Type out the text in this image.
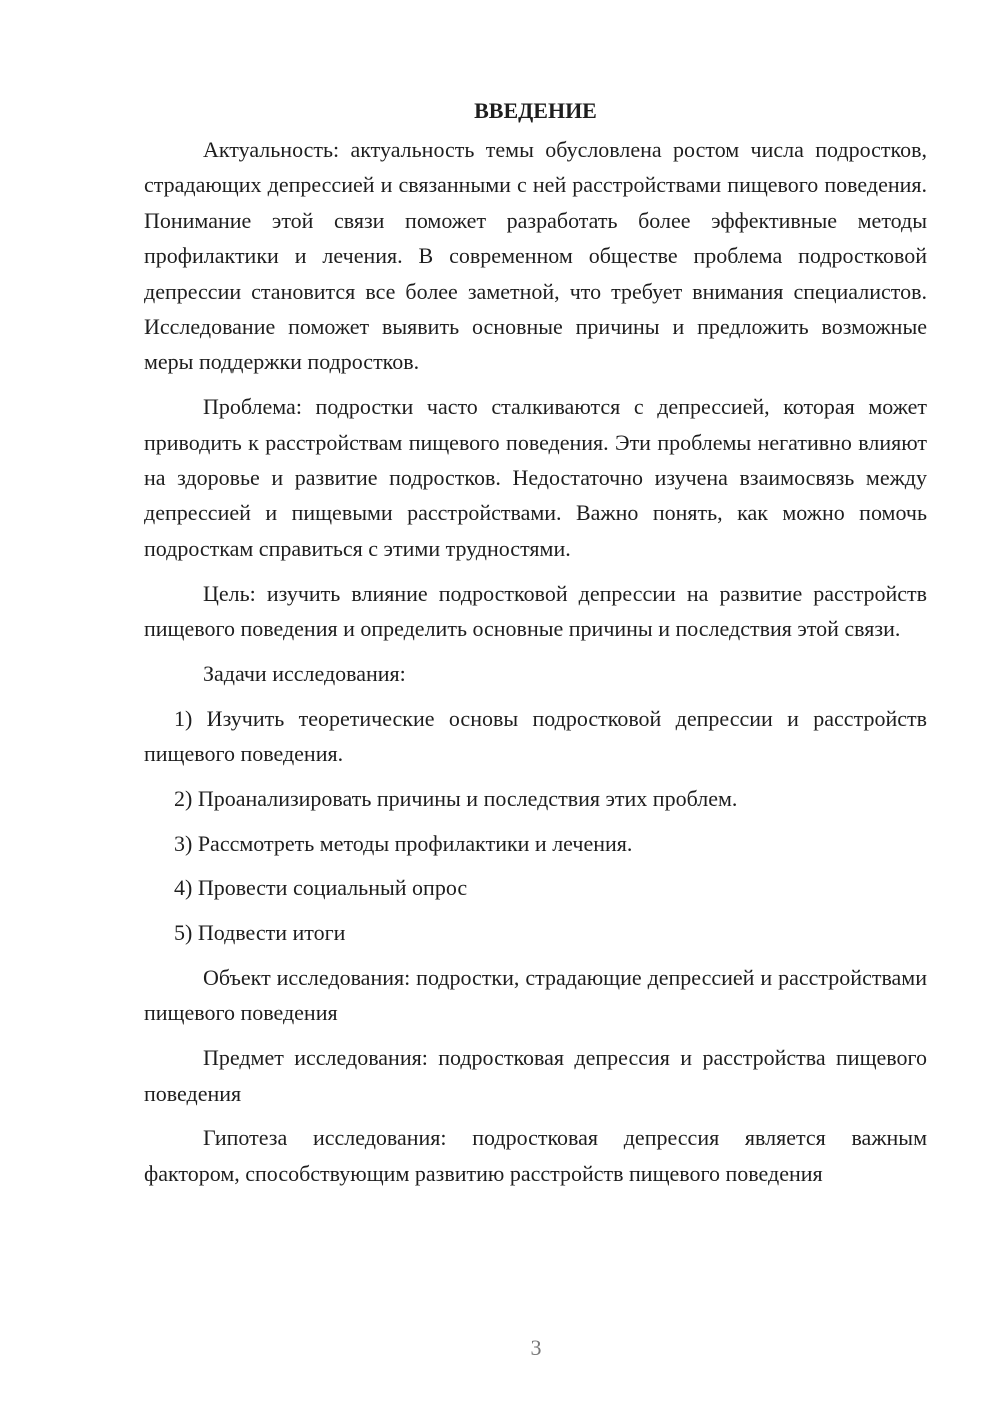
ВВЕДЕНИЕ

Актуальность: актуальность темы обусловлена ростом числа подростков, страдающих депрессией и связанными с ней расстройствами пищевого поведения. Понимание этой связи поможет разработать более эффективные методы профилактики и лечения. В современном обществе проблема подростковой депрессии становится все более заметной, что требует внимания специалистов. Исследование поможет выявить основные причины и предложить возможные меры поддержки подростков.

Проблема: подростки часто сталкиваются с депрессией, которая может приводить к расстройствам пищевого поведения. Эти проблемы негативно влияют на здоровье и развитие подростков. Недостаточно изучена взаимосвязь между депрессией и пищевыми расстройствами. Важно понять, как можно помочь подросткам справиться с этими трудностями.

Цель: изучить влияние подростковой депрессии на развитие расстройств пищевого поведения и определить основные причины и последствия этой связи.

Задачи исследования:

1) Изучить теоретические основы подростковой депрессии и расстройств пищевого поведения.

2) Проанализировать причины и последствия этих проблем.

3) Рассмотреть методы профилактики и лечения.

4) Провести социальный опрос

5) Подвести итоги

Объект исследования: подростки, страдающие депрессией и расстройствами пищевого поведения

Предмет исследования: подростковая депрессия и расстройства пищевого поведения

Гипотеза исследования: подростковая депрессия является важным фактором, способствующим развитию расстройств пищевого поведения

3
